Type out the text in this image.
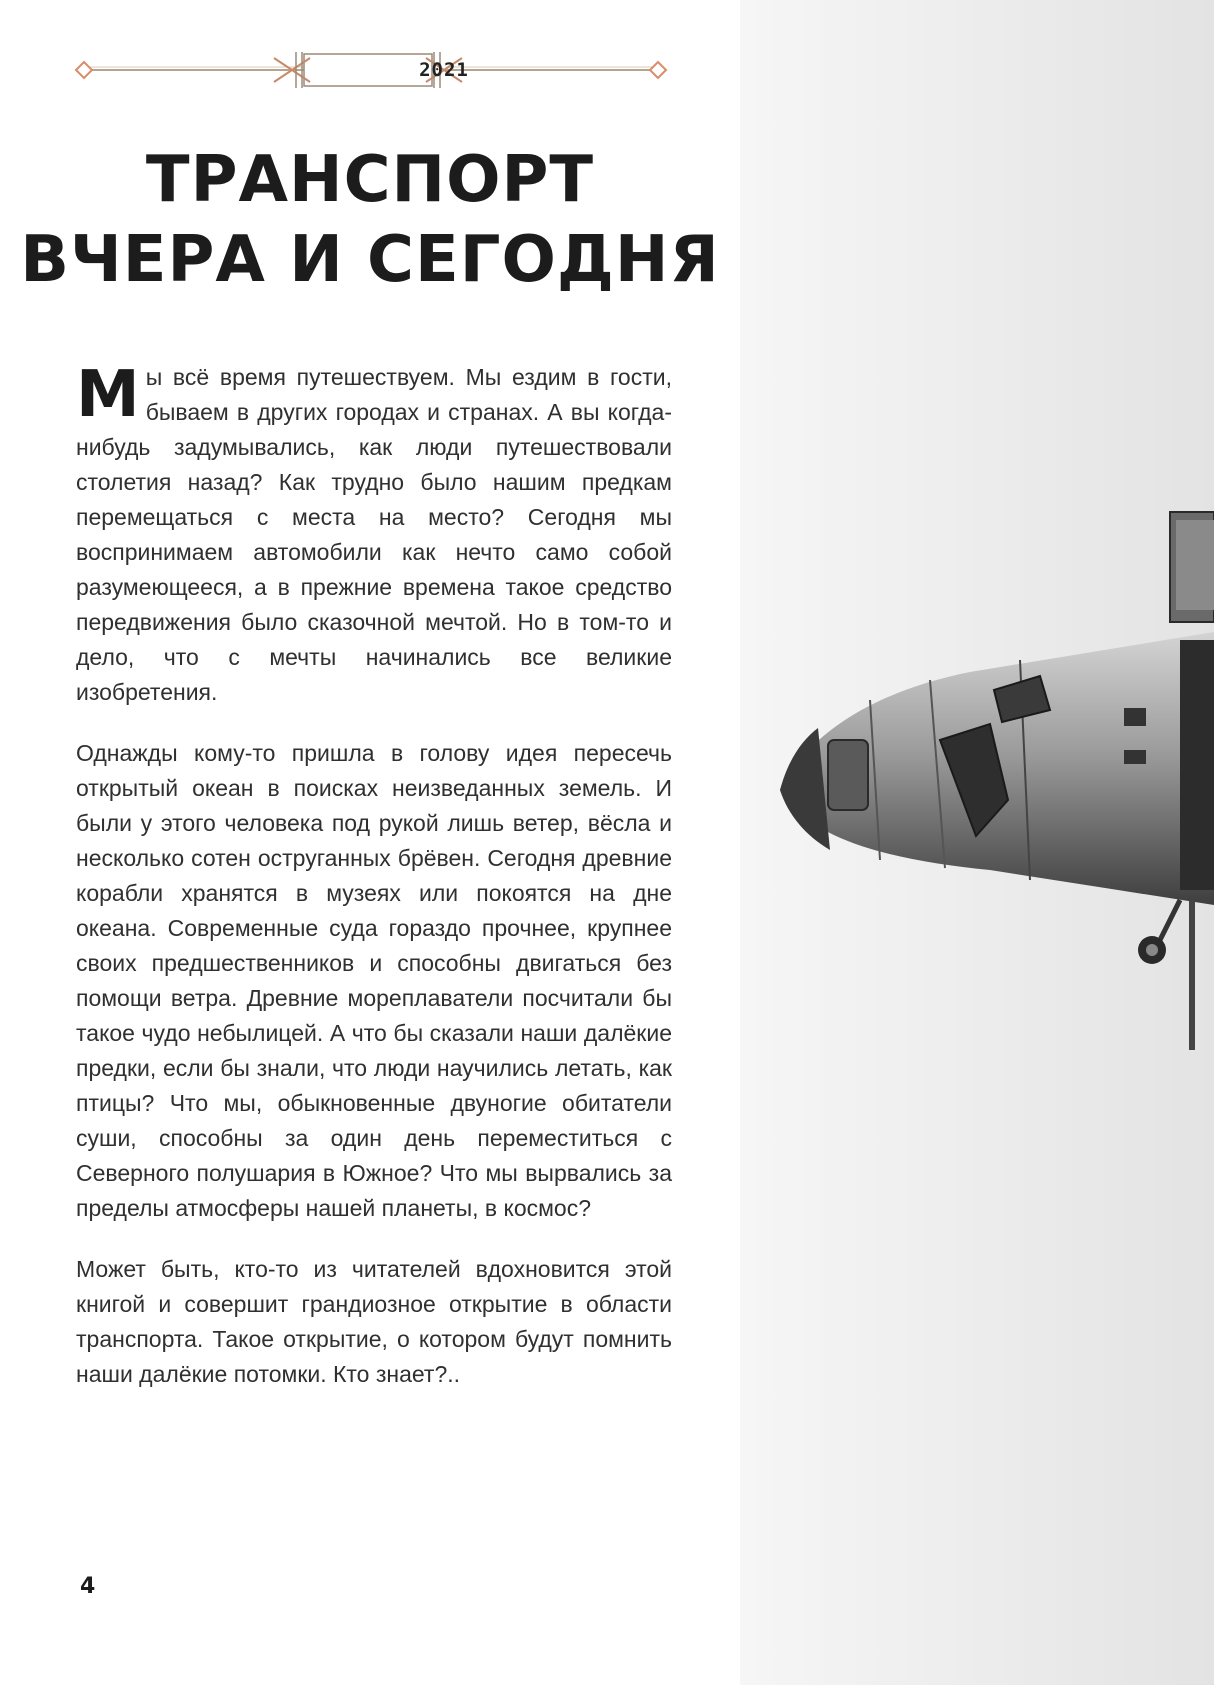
2021
ТРАНСПОРТ
ВЧЕРА И СЕГОДНЯ

Мы всё время путешествуем. Мы ездим в гости, бываем в других городах и странах. А вы когда-нибудь задумывались, как люди путешествовали столетия назад? Как трудно было нашим предкам перемещаться с места на место? Сегодня мы воспринимаем автомобили как нечто само собой разумеющееся, а в прежние времена такое средство передвижения было сказочной мечтой. Но в том-то и дело, что с мечты начинались все великие изобретения.

Однажды кому-то пришла в голову идея пересечь открытый океан в поисках неизведанных земель. И были у этого человека под рукой лишь ветер, вёсла и несколько сотен оструганных брёвен. Сегодня древние корабли хранятся в музеях или покоятся на дне океана. Современные суда гораздо прочнее, крупнее своих предшественников и способны двигаться без помощи ветра. Древние мореплаватели посчитали бы такое чудо небылицей. А что бы сказали наши далёкие предки, если бы знали, что люди научились летать, как птицы? Что мы, обыкновенные двуногие обитатели суши, способны за один день переместиться с Северного полушария в Южное? Что мы вырвались за пределы атмосферы нашей планеты, в космос?

Может быть, кто-то из читателей вдохновится этой книгой и совершит грандиозное открытие в области транспорта. Такое открытие, о котором будут помнить наши далёкие потомки. Кто знает?..

4
